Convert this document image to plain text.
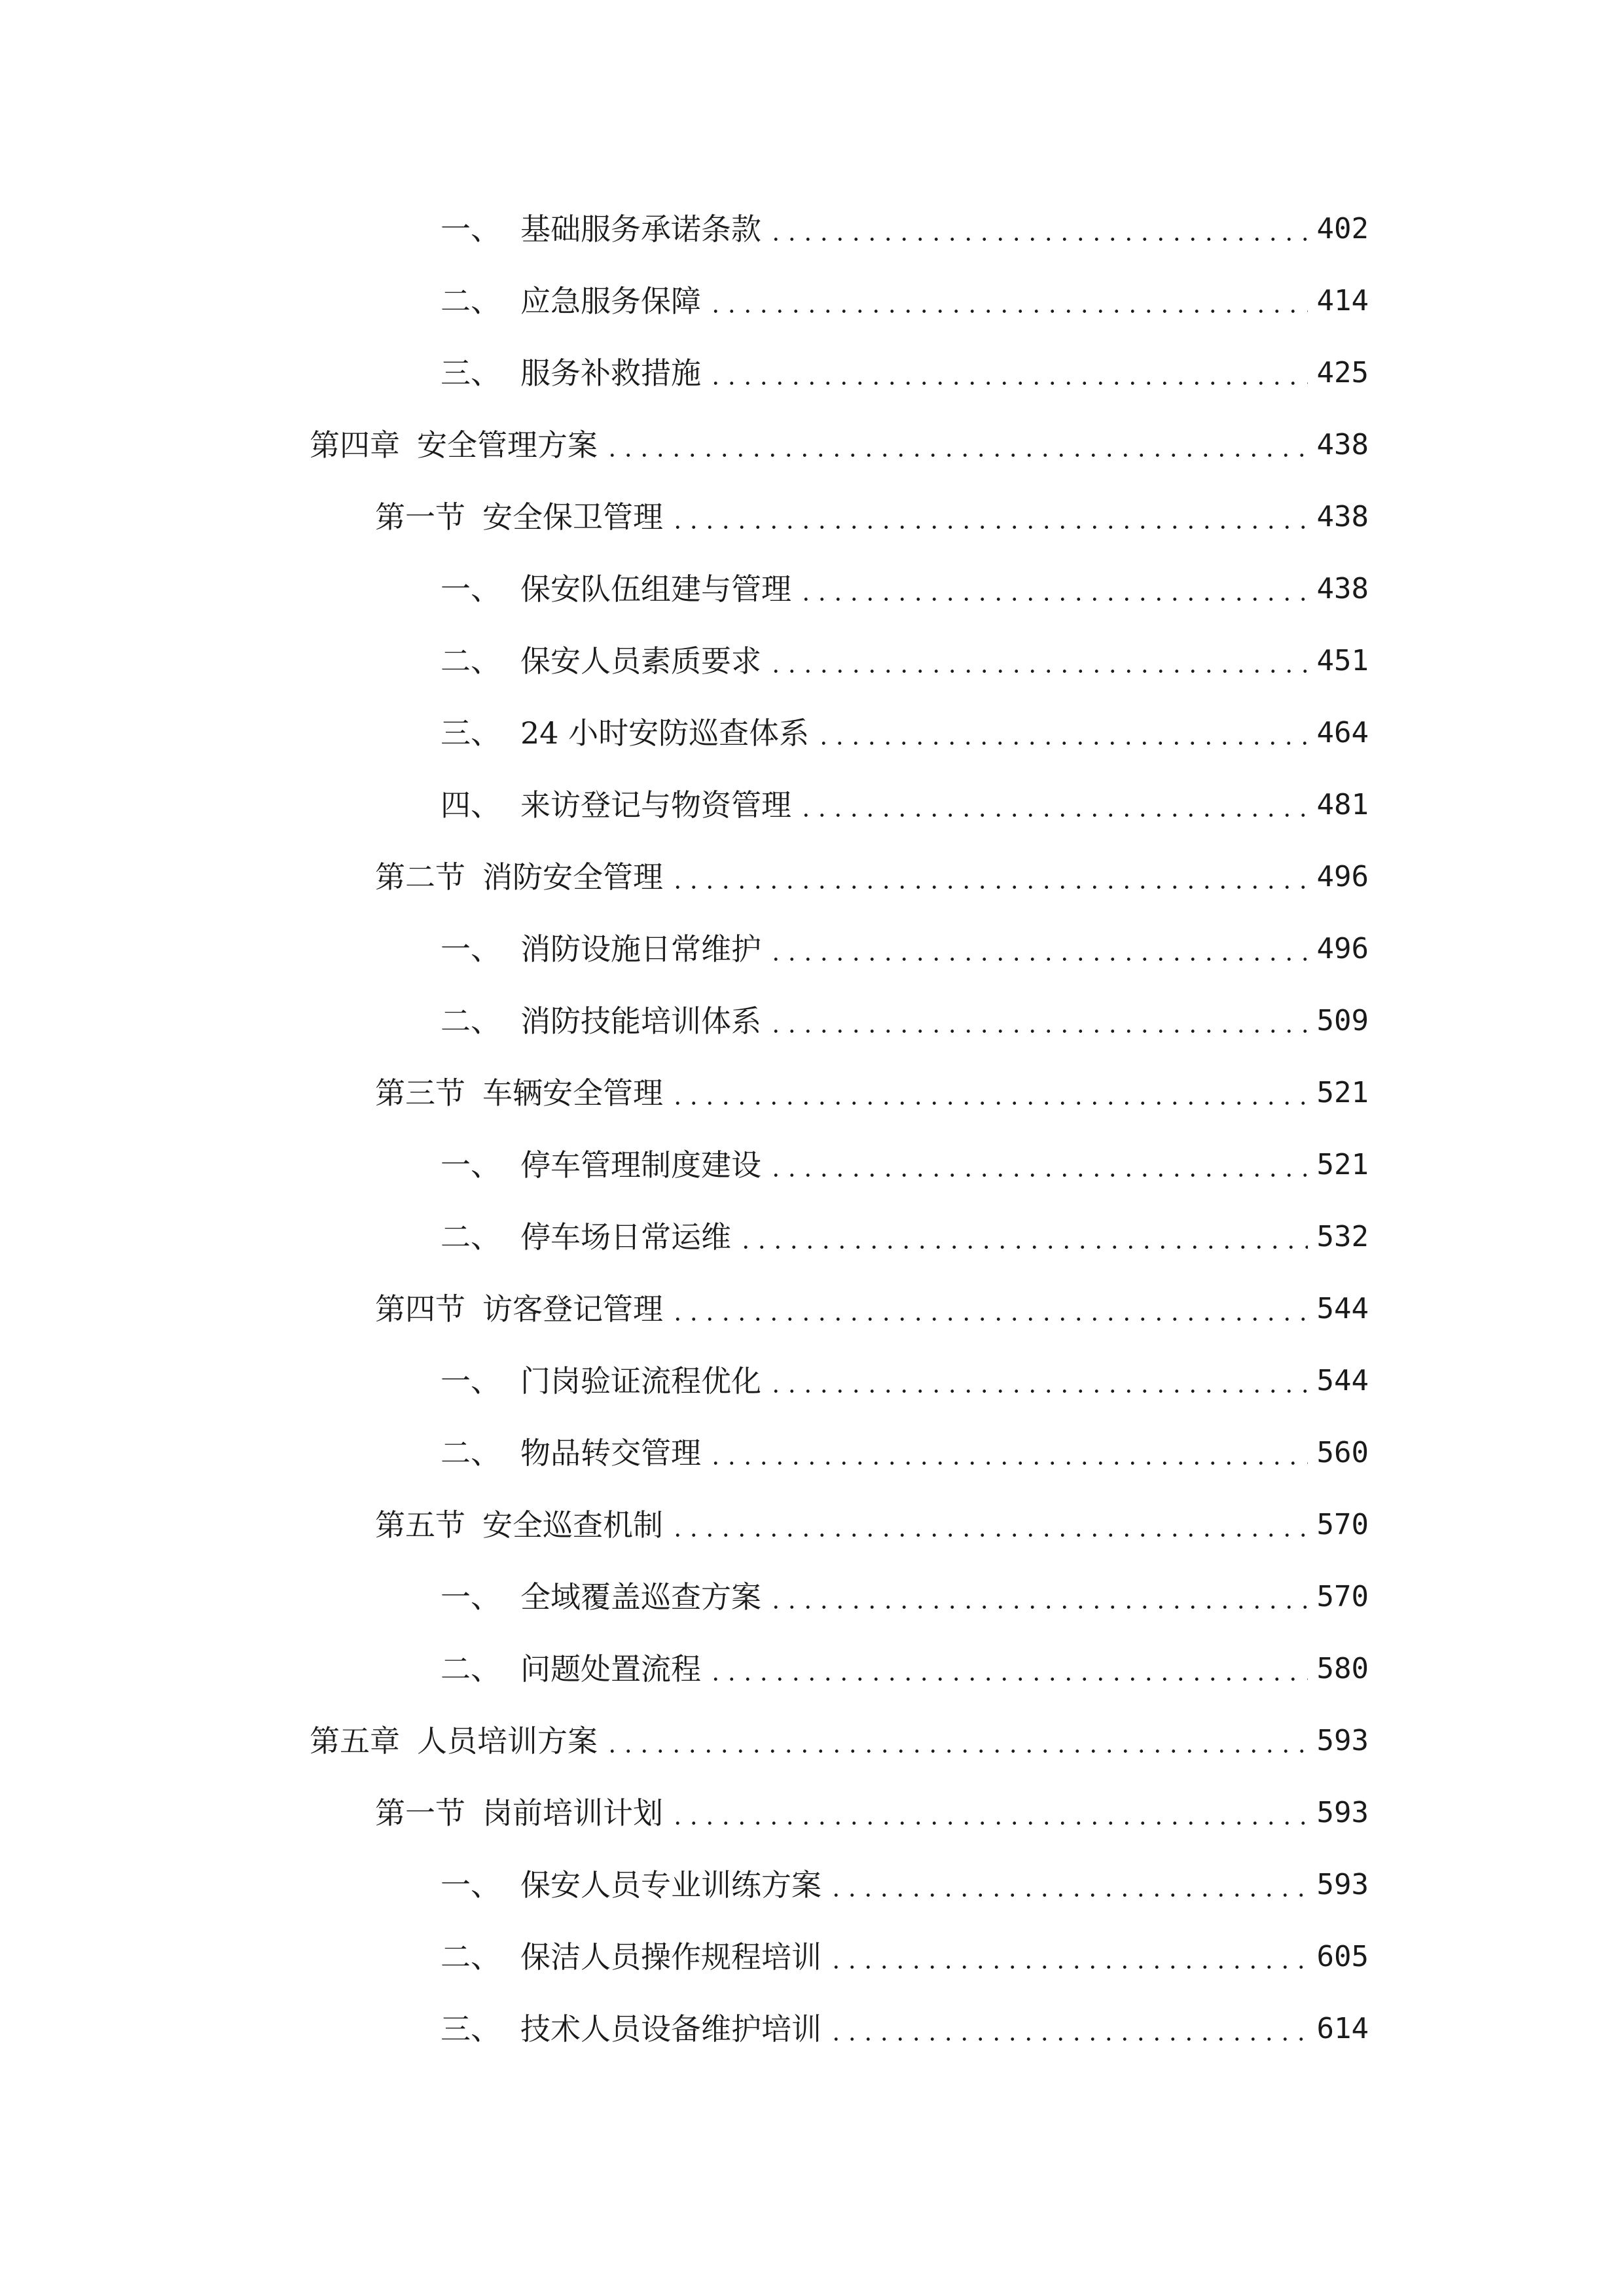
一、 基础服务承诺条款	402
二、 应急服务保障	414
三、 服务补救措施	425
第四章 安全管理方案	438
第一节 安全保卫管理	438
一、 保安队伍组建与管理	438
二、 保安人员素质要求	451
三、 24 小时安防巡查体系	464
四、 来访登记与物资管理	481
第二节 消防安全管理	496
一、 消防设施日常维护	496
二、 消防技能培训体系	509
第三节 车辆安全管理	521
一、 停车管理制度建设	521
二、 停车场日常运维	532
第四节 访客登记管理	544
一、 门岗验证流程优化	544
二、 物品转交管理	560
第五节 安全巡查机制	570
一、 全域覆盖巡查方案	570
二、 问题处置流程	580
第五章 人员培训方案	593
第一节 岗前培训计划	593
一、 保安人员专业训练方案	593
二、 保洁人员操作规程培训	605
三、 技术人员设备维护培训	614
